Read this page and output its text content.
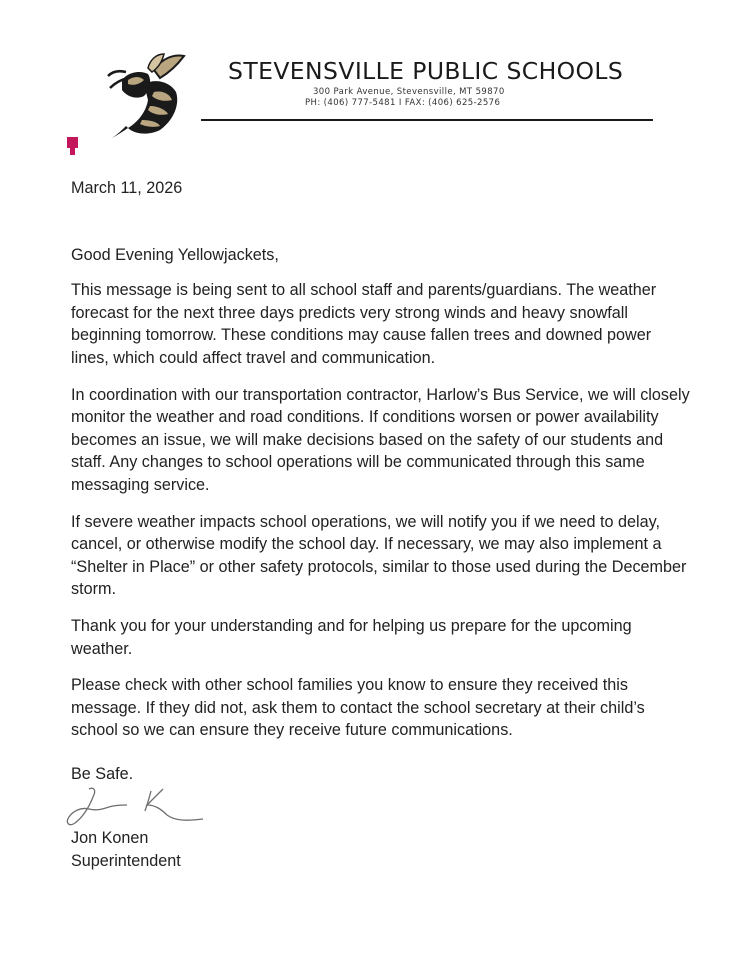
STEVENSVILLE PUBLIC SCHOOLS
300 Park Avenue, Stevensville, MT 59870
PH: (406) 777-5481 I FAX: (406) 625-2576

March 11, 2026

Good Evening Yellowjackets,

This message is being sent to all school staff and parents/guardians. The weather forecast for the next three days predicts very strong winds and heavy snowfall beginning tomorrow. These conditions may cause fallen trees and downed power lines, which could affect travel and communication.

In coordination with our transportation contractor, Harlow’s Bus Service, we will closely monitor the weather and road conditions. If conditions worsen or power availability becomes an issue, we will make decisions based on the safety of our students and staff. Any changes to school operations will be communicated through this same messaging service.

If severe weather impacts school operations, we will notify you if we need to delay, cancel, or otherwise modify the school day. If necessary, we may also implement a “Shelter in Place” or other safety protocols, similar to those used during the December storm.

Thank you for your understanding and for helping us prepare for the upcoming weather.

Please check with other school families you know to ensure they received this message. If they did not, ask them to contact the school secretary at their child’s school so we can ensure they receive future communications.

Be Safe.

Jon Konen

Superintendent
